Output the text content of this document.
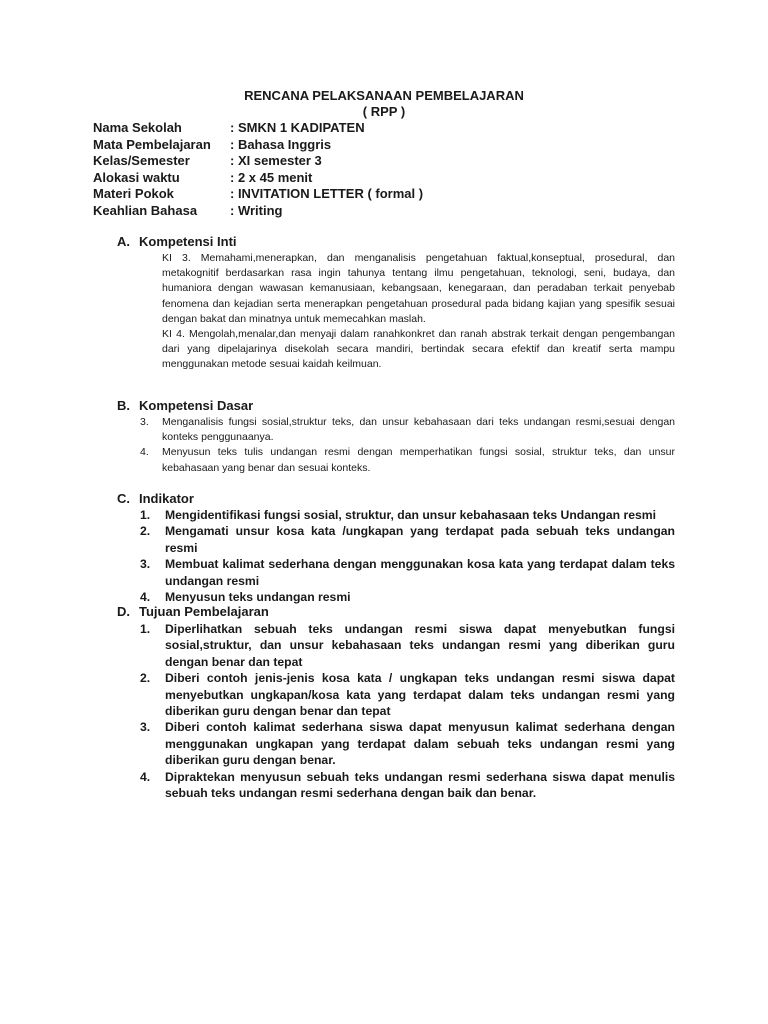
RENCANA PELAKSANAAN PEMBELAJARAN
( RPP )
Nama Sekolah	: SMKN 1 KADIPATEN
Mata Pembelajaran : Bahasa Inggris
Kelas/Semester	: XI semester 3
Alokasi waktu	: 2 x 45 menit
Materi Pokok	: INVITATION LETTER ( formal )
Keahlian Bahasa	: Writing
A. Kompetensi Inti

KI 3. Memahami,menerapkan, dan menganalisis pengetahuan faktual,konseptual, prosedural, dan metakognitif berdasarkan rasa ingin tahunya tentang ilmu pengetahuan, teknologi, seni, budaya, dan humaniora dengan wawasan kemanusiaan, kebangsaan, kenegaraan, dan peradaban terkait penyebab fenomena dan kejadian serta menerapkan pengetahuan prosedural pada bidang kajian yang spesifik sesuai dengan bakat dan minatnya untuk memecahkan maslah.

KI 4. Mengolah,menalar,dan menyaji dalam ranahkonkret dan ranah abstrak terkait dengan pengembangan dari yang dipelajarinya disekolah secara mandiri, bertindak secara efektif dan kreatif serta mampu menggunakan metode sesuai kaidah keilmuan.

B. Kompetensi Dasar
3.	Menganalisis fungsi sosial,struktur teks, dan unsur kebahasaan dari teks undangan resmi,sesuai dengan konteks penggunaanya.
4.	Menyusun teks tulis undangan resmi dengan memperhatikan fungsi sosial, struktur teks, dan unsur kebahasaan yang benar dan sesuai konteks.
C. Indikator
1.	Mengidentifikasi fungsi sosial, struktur, dan unsur kebahasaan teks Undangan resmi
2.	Mengamati unsur kosa kata /ungkapan yang terdapat pada sebuah teks undangan resmi
3.	Membuat kalimat sederhana dengan menggunakan kosa kata yang terdapat dalam teks undangan resmi
4.	Menyusun teks undangan resmi
D. Tujuan Pembelajaran
1.	Diperlihatkan sebuah teks undangan resmi siswa dapat menyebutkan fungsi sosial,struktur, dan unsur kebahasaan teks undangan resmi yang diberikan guru dengan benar dan tepat
2.	Diberi contoh jenis-jenis kosa kata / ungkapan teks undangan resmi siswa dapat menyebutkan ungkapan/kosa kata yang terdapat dalam teks undangan resmi yang diberikan guru dengan benar dan tepat
3.	Diberi contoh kalimat sederhana siswa dapat menyusun kalimat sederhana dengan menggunakan ungkapan yang terdapat dalam sebuah teks undangan resmi yang diberikan guru dengan benar.
4.	Dipraktekan menyusun sebuah teks undangan resmi sederhana siswa dapat menulis sebuah teks undangan resmi sederhana dengan baik dan benar.
